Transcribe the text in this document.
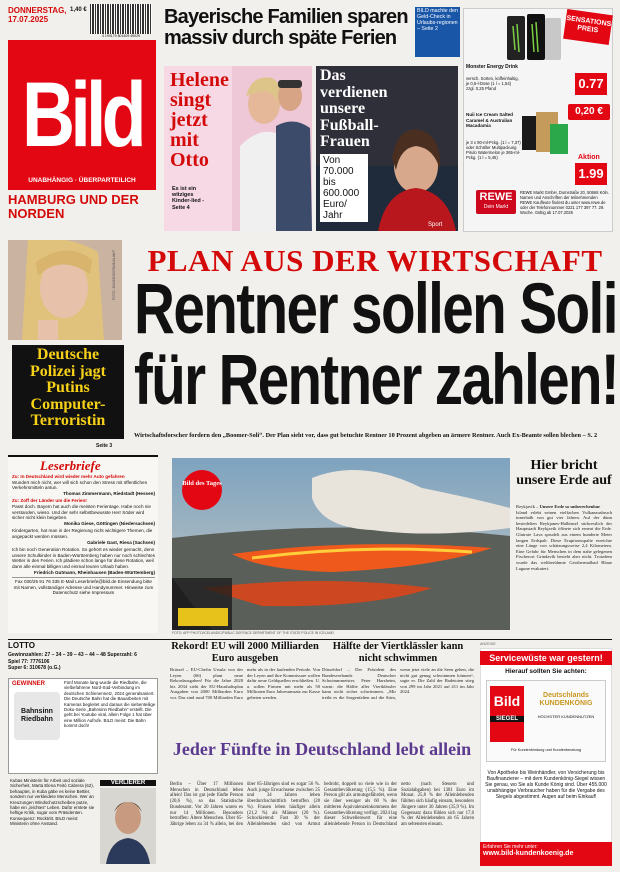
DONNERSTAG,
17.07.2025
1,40 €
4 190179 801409 49029
Bild
UNABHÄNGIG · ÜBERPARTEILICH
HAMBURG UND DER NORDEN
Bayerische Familien sparen massiv durch späte Ferien
BILD machte den Geld-Check in Urlaubs-regionen – Seite 2
Helene singt jetzt mit Otto
Es ist ein witziges Kinder-lied - Seite 4
Das verdienen unsere Fußball-Frauen
Von 70.000
bis
600.000
Euro/
Jahr
Sport
SENSATIONS PREIS
Monster Energy Drink
versch. Sorten, koffeinhaltig, je 0,5-l-Dose (1 l = 1,54) zzgl. 0,25 Pfand	0.77
0,20 €
Nuii Ice Cream Salted Caramel & Australian Macadamia
je 3 x 90-ml-Pckg. (1 l = 7,37) oder Schöller Multipackung Pirulo Watermelon je 365-ml-Pckg. (1 l = 5,45)	Aktion
1.99
REWE
Dein Markt
REWE Markt GmbH, Domstraße 20, 50668 Köln. Namen und Anschriften der teilnehmenden REWE Kaufleute findest du unter www.rewe.de oder der Telefonnummer 0221 177 397 77. 29. Woche. Gültig ab 17.07.2025
FOTO: BUNDESKRIMINALAMT
Deutsche Polizei jagt Putins Computer-Terroristin
Seite 3
PLAN AUS DER WIRTSCHAFT
Rentner sollen Soli
für Rentner zahlen!
Wirtschaftsforscher fordern den „Boomer-Soli“. Der Plan sieht vor, dass gut betuchte Rentner 10 Prozent abgeben an ärmere Rentner. Auch Ex-Beamte sollen blechen – S. 2
Leserbriefe
Zu: In Deutschland wird wieder mehr Auto gefahren
Wundert mich nicht, wer will sich schon den Stress mit öffentlichen Verkehrsmitteln antun.
Thomas Zimmermann, Riedstadt (Hessen)
Zu: Zoff der Länder um die Ferien!
Passt doch. Bayern hat auch die meisten Ferientage. Habe noch nie verstanden, wieso. Und der sehr selbstbewusste Herr Söder wird sicher nicht klein beigeben.
Monika Giese, Göttingen (Niedersachsen)
Kindergarten, hat man in der Regierung nicht wichtigere Themen, die angepackt werden müssen.
Gabriele Gast, Riesa (Sachsen)
Ich bin noch Generation Rotation. So gehört es wieder gemacht, denn unsere Schulkinder in Baden-Württemberg haben nur noch schlechtes Wetter in den Ferien. Ich plädiere schon lange für diese Rotation, weil dann alle einmal billigen und einmal teuren Urlaub haben.
Friedrich Gutmann, Rheinhausen (Baden-Württemberg)
Fax 030/25 91 76 335 E-Mail Leserbriefe@bild.de Einsendung bitte mit Namen, vollständiger Adresse und Handynummer. Hinweise zum Datenschutz siehe Impressum
Bild des Tages
FOTO: AFP PHOTO/ICELANDIC/PUBLIC DEFENCE DEPARTMENT OF THE STATE POLICE IN ICELAND
Hier bricht unsere Erde auf
Reykjavík – Unsere Erde so unberechenbar
Island erlebt seinen vielfachen Vulkanausbruch innerhalb von gut vier Jahren. Auf der dünn besiedelten Reykjanes-Halbinsel südwestlich der Hauptstadt Reykjavík öffnete sich erneut die Erde. Glutrote Lava sprudelt aus einem hunderte Meter langen Erdspalt. Diese Eruptionsspalte erreichte eine Länge von schätzungsweise 2,4 Kilometern. Eine Gefahr für Menschen in dem nahe gelegenen Fischerort Grindavík besteht aber nicht. Trotzdem wurde das weltberühmte Geothermalbad Blaue Lagune evakuiert.
Rekord! EU will 2000 Milliarden Euro ausgeben
Brüssel – EU-Chefin Ursula von der Leyen (66) plant neue Rekordausgaben! Für die Jahre 2028 bis 2034 sieht der EU-Haushaltsplan Ausgaben von 2000 Milliarden Euro vor. Das sind rund 700 Milliarden Euro mehr als in der laufenden Periode. Von der Leyen und ihre Kommissare wollen dafür neue Geldquellen erschließen. U. a. sollen Firmen mit mehr als 50 Millionen Euro Jahresumsatz zur Kasse gebeten werden.
Hälfte der Viertklässler kann nicht schwimmen
Düsseldorf – Der Präsident des Bundesverbands Deutscher Schwimmmeister, Peter Harzheim, warnt: die Hälfte aller Viertklässler kann nicht sicher schwimmen. „Mir treibt es die Sorgenfalten auf die Stirn, wenn jetzt viele an die Seen gehen, die nicht gut genug schwimmen können“, sagte er. Die Zahl der Badetoten stieg von 299 im Jahr 2021 auf 411 im Jahr 2024.
Jeder Fünfte in Deutschland lebt allein
Berlin – Über 17 Millionen Menschen in Deutschland leben allein! Das ist gut jede fünfte Person (20,6 %), so das Statistische Bundesamt. Vor 20 Jahren waren es nur 14 Millionen. Besonders betroffen: Ältere Menschen. Über 65-Jährige leben zu 34 % allein, bei den über 85-Jährigen sind es sogar 56 %. Auch junge Erwachsene zwischen 25 und 34 Jahren leben überdurchschnittlich betroffen (28 %). Frauen leben häufiger allein (21,2 %) als Männer (20 %). Schockierend: Fast 30 % der Alleinlebenden sind von Armut bedroht, doppelt so viele wie in der Gesamtbevölkerung (15,5 %). Eine Person gilt als armutsgefährdet, wenn sie über weniger als 60 % des mittleren Äquivalenzeinkommens der Gesamtbevölkerung verfügt. 2024 lag dieser Schwellenwert für eine alleinlebende Person in Deutschland netto (nach Steuern und Sozialabgaben) bei 1381 Euro im Monat. 25,8 % der Alleinlebenden fühlten sich häufig einsam, besonders Jüngere unter 30 Jahren (35,9 %). Im Gegensatz dazu fühlen sich nur 17,6 % der Alleinlebenden ab 65 Jahren am seltensten einsam.
LOTTO
Gewinnzahlen: 27 – 34 – 39 – 43 – 44 – 48 Superzahl: 6
Spiel 77: 7776106
Super 6: 310678 (o.G.)
GEWINNER
Bahnsinn Riedbahn
Fünf Monate lang wurde die Riedbahn, die vielbefahrene Nord-Süd-Verbindung im deutschen Schienennetz, 2024 generalsaniert. Die Deutsche Bahn hat die Bauarbeiten mit Kameras begleitet und daraus die siebenteilige Doku-Serie „Bahnsinn Riedbahn“ erstellt. Die geht bei Youtube viral, allein Folge 1 hat über eine Million Aufrufe. BILD meint: Die Bahn kommt doch!
Kubas Ministerin für Arbeit und soziale Sicherheit, Marta Elena Feitó Cabrera (62), behauptet, in Kuba gäbe es keine Bettler, sondern nur verkleidete Menschen. Wer an Kreuzungen Windschutzscheiben putze, habe ein „leichtes“ Leben. Dafür erntete sie heftige Kritik, sogar vom Präsidenten. Konsequenz: Rücktritt. BILD meint: Ministerin ohne Anstand.
VERLIERER
ANZEIGE
Servicewüste war gestern!
Hierauf sollten Sie achten:
Bild
SIEGEL
Deutschlands KUNDENKÖNIG
HÖCHSTER KUNDENNUTZEN
Für Kundenbindung und Kundenberatung
Von Apotheke bis Weinhändler, von Versicherung bis Baufinanzierer – mit dem Kundenkönig-Siegel wissen Sie genau, wo Sie als Kunde König sind. Über 455.000 unabhängige Verbraucher haben für die Vergabe des Siegels abgestimmt. Augen auf beim Einkauf!
Erfahren Sie mehr unter:
www.bild-kundenkoenig.de
